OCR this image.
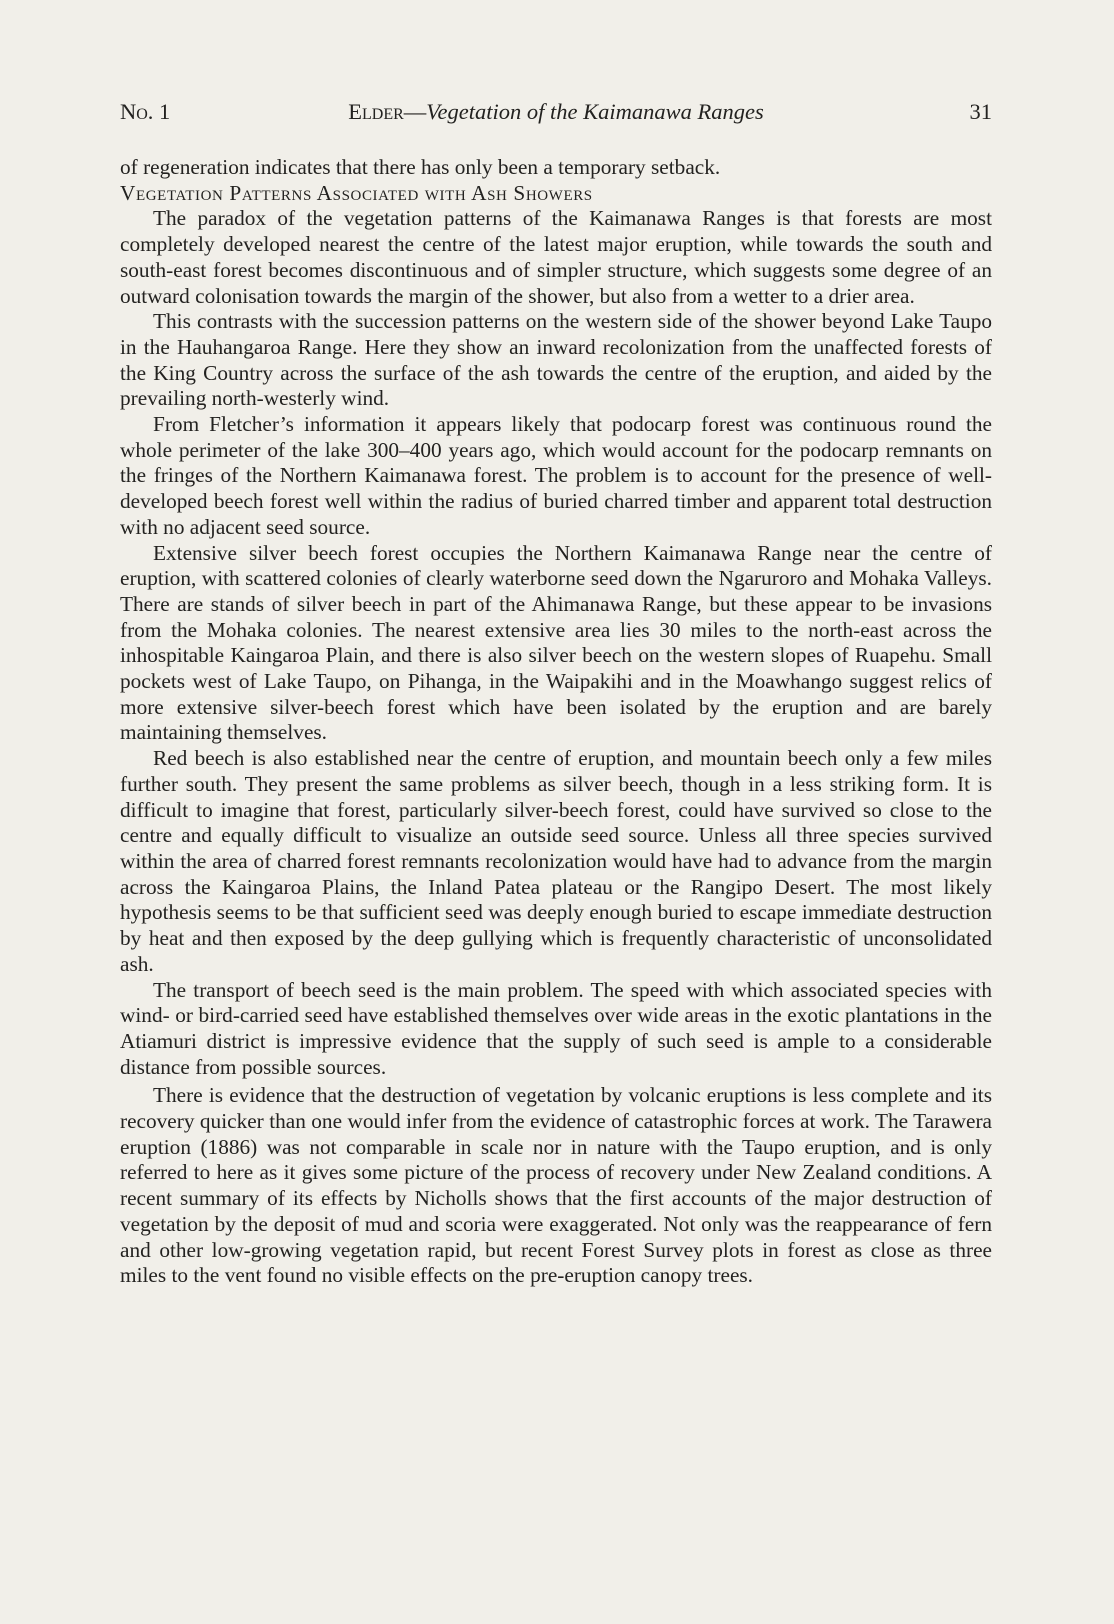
No. 1	Elder—Vegetation of the Kaimanawa Ranges	31

of regeneration indicates that there has only been a temporary setback.

Vegetation Patterns Associated with Ash Showers

The paradox of the vegetation patterns of the Kaimanawa Ranges is that forests are most completely developed nearest the centre of the latest major eruption, while towards the south and south-east forest becomes discontinuous and of simpler structure, which suggests some degree of an outward colonisation towards the margin of the shower, but also from a wetter to a drier area.

This contrasts with the succession patterns on the western side of the shower beyond Lake Taupo in the Hauhangaroa Range. Here they show an inward recolonization from the unaffected forests of the King Country across the surface of the ash towards the centre of the eruption, and aided by the prevailing north-westerly wind.

From Fletcher’s information it appears likely that podocarp forest was continuous round the whole perimeter of the lake 300–400 years ago, which would account for the podocarp remnants on the fringes of the Northern Kaimanawa forest. The problem is to account for the presence of well-developed beech forest well within the radius of buried charred timber and apparent total destruction with no adjacent seed source.

Extensive silver beech forest occupies the Northern Kaimanawa Range near the centre of eruption, with scattered colonies of clearly waterborne seed down the Ngaruroro and Mohaka Valleys. There are stands of silver beech in part of the Ahimanawa Range, but these appear to be invasions from the Mohaka colonies. The nearest extensive area lies 30 miles to the north-east across the inhospitable Kaingaroa Plain, and there is also silver beech on the western slopes of Ruapehu. Small pockets west of Lake Taupo, on Pihanga, in the Waipakihi and in the Moawhango suggest relics of more extensive silver-beech forest which have been isolated by the eruption and are barely maintaining themselves.

Red beech is also established near the centre of eruption, and mountain beech only a few miles further south. They present the same problems as silver beech, though in a less striking form. It is difficult to imagine that forest, particularly silver-beech forest, could have survived so close to the centre and equally difficult to visualize an outside seed source. Unless all three species survived within the area of charred forest remnants recolonization would have had to advance from the margin across the Kaingaroa Plains, the Inland Patea plateau or the Rangipo Desert. The most likely hypothesis seems to be that sufficient seed was deeply enough buried to escape immediate destruction by heat and then exposed by the deep gullying which is frequently characteristic of unconsolidated ash.

The transport of beech seed is the main problem. The speed with which associated species with wind- or bird-carried seed have established themselves over wide areas in the exotic plantations in the Atiamuri district is impressive evidence that the supply of such seed is ample to a considerable distance from possible sources.

There is evidence that the destruction of vegetation by volcanic eruptions is less complete and its recovery quicker than one would infer from the evidence of catastrophic forces at work. The Tarawera eruption (1886) was not comparable in scale nor in nature with the Taupo eruption, and is only referred to here as it gives some picture of the process of recovery under New Zealand conditions. A recent summary of its effects by Nicholls shows that the first accounts of the major destruction of vegetation by the deposit of mud and scoria were exaggerated. Not only was the reappearance of fern and other low-growing vegetation rapid, but recent Forest Survey plots in forest as close as three miles to the vent found no visible effects on the pre-eruption canopy trees.
